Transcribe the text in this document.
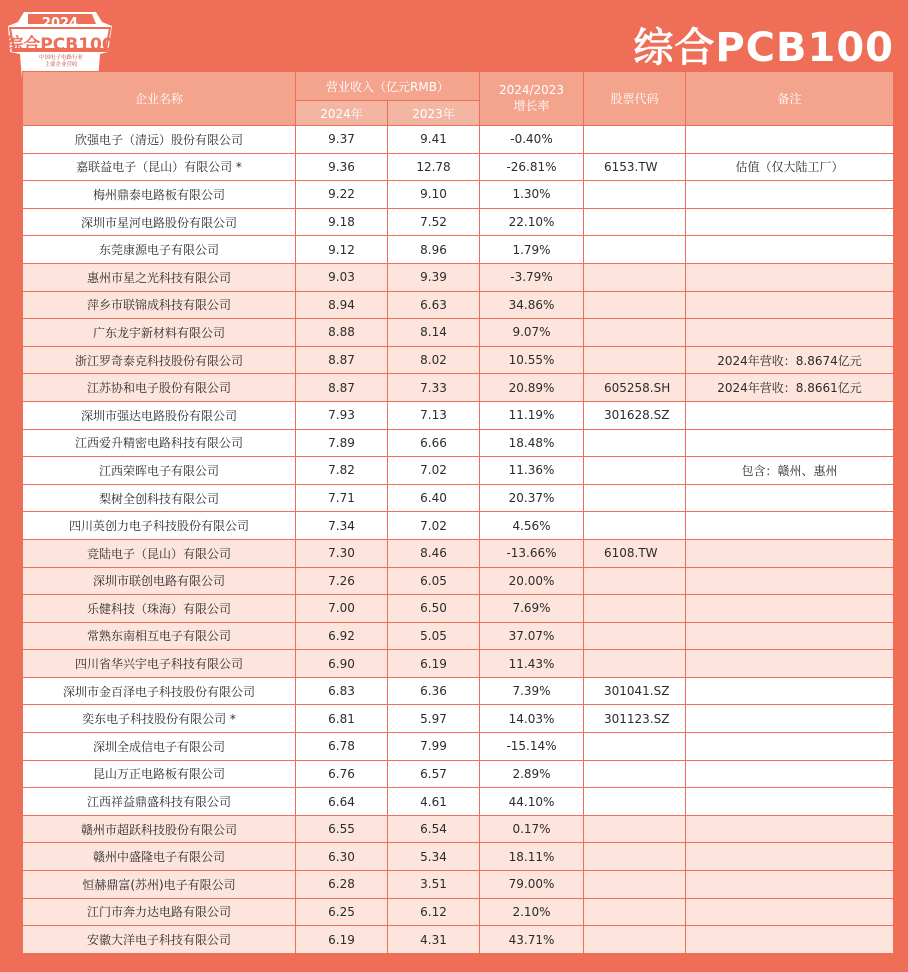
2024
综合PCB100
中国电子电路行业
主要企业营收	综合PCB100
企业名称	营业收入（亿元RMB）		2024/2023
增长率	股票代码	备注
	2024年	2023年			
欣强电子（清远）股份有限公司	9.37	9.41	-0.40%		
嘉联益电子（昆山）有限公司 *	9.36	12.78	-26.81%	6153.TW	估值（仅大陆工厂）
梅州鼎泰电路板有限公司	9.22	9.10	1.30%		
深圳市星河电路股份有限公司	9.18	7.52	22.10%		
东莞康源电子有限公司	9.12	8.96	1.79%		
惠州市星之光科技有限公司	9.03	9.39	-3.79%		
萍乡市联锦成科技有限公司	8.94	6.63	34.86%		
广东龙宇新材料有限公司	8.88	8.14	9.07%		
浙江罗奇泰克科技股份有限公司	8.87	8.02	10.55%		2024年营收：8.8674亿元
江苏协和电子股份有限公司	8.87	7.33	20.89%	605258.SH	2024年营收：8.8661亿元
深圳市强达电路股份有限公司	7.93	7.13	11.19%	301628.SZ	
江西爱升精密电路科技有限公司	7.89	6.66	18.48%		
江西荣晖电子有限公司	7.82	7.02	11.36%		包含：赣州、惠州
梨树全创科技有限公司	7.71	6.40	20.37%		
四川英创力电子科技股份有限公司	7.34	7.02	4.56%		
竞陆电子（昆山）有限公司	7.30	8.46	-13.66%	6108.TW	
深圳市联创电路有限公司	7.26	6.05	20.00%		
乐健科技（珠海）有限公司	7.00	6.50	7.69%		
常熟东南相互电子有限公司	6.92	5.05	37.07%		
四川省华兴宇电子科技有限公司	6.90	6.19	11.43%		
深圳市金百泽电子科技股份有限公司	6.83	6.36	7.39%	301041.SZ	
奕东电子科技股份有限公司 *	6.81	5.97	14.03%	301123.SZ	
深圳全成信电子有限公司	6.78	7.99	-15.14%		
昆山万正电路板有限公司	6.76	6.57	2.89%		
江西祥益鼎盛科技有限公司	6.64	4.61	44.10%		
赣州市超跃科技股份有限公司	6.55	6.54	0.17%		
赣州中盛隆电子有限公司	6.30	5.34	18.11%		
恒赫鼎富(苏州)电子有限公司	6.28	3.51	79.00%		
江门市奔力达电路有限公司	6.25	6.12	2.10%		
安徽大洋电子科技有限公司	6.19	4.31	43.71%		
